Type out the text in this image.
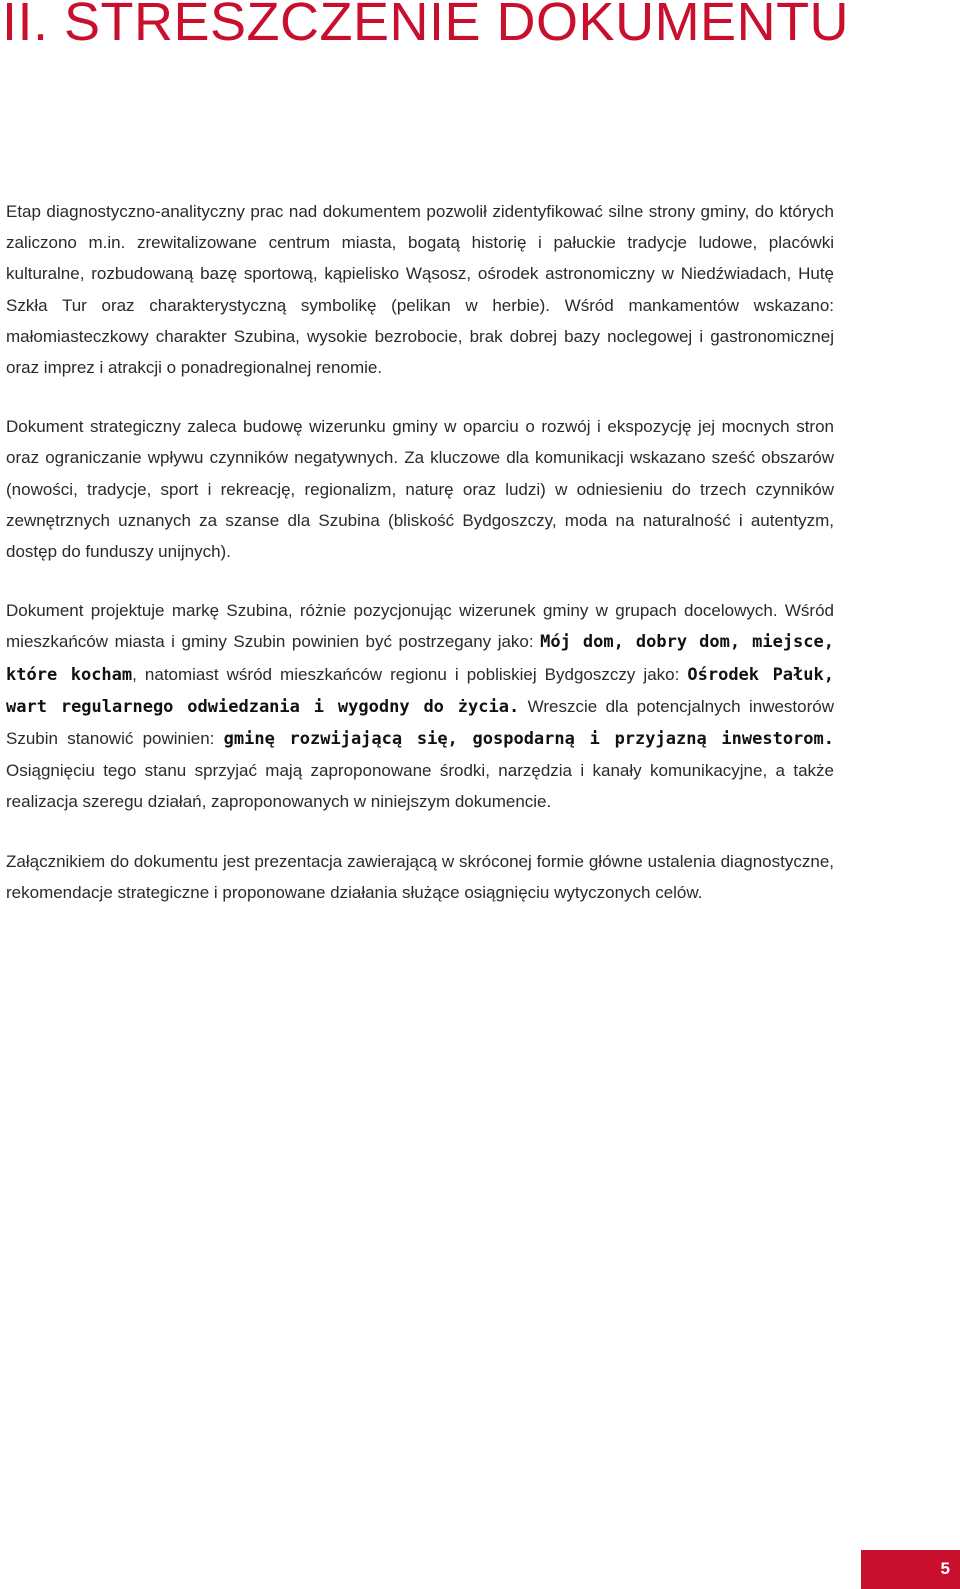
II. STRESZCZENIE DOKUMENTU

Etap diagnostyczno-analityczny prac nad dokumentem pozwolił zidentyfikować silne strony gminy, do których zaliczono m.in. zrewitalizowane centrum miasta, bogatą historię i pałuckie tradycje ludowe, placówki kulturalne, rozbudowaną bazę sportową, kąpielisko Wąsosz, ośrodek astronomiczny w Niedźwiadach, Hutę Szkła Tur oraz charakterystyczną symbolikę (pelikan w herbie). Wśród mankamentów wskazano: małomiasteczkowy charakter Szubina, wysokie bezrobocie, brak dobrej bazy noclegowej i gastronomicznej oraz imprez i atrakcji o ponadregionalnej renomie.

Dokument strategiczny zaleca budowę wizerunku gminy w oparciu o rozwój i ekspozycję jej mocnych stron oraz ograniczanie wpływu czynników negatywnych. Za kluczowe dla komunikacji wskazano sześć obszarów (nowości, tradycje, sport i rekreację, regionalizm, naturę oraz ludzi) w odniesieniu do trzech czynników zewnętrznych uznanych za szanse dla Szubina (bliskość Bydgoszczy, moda na naturalność i autentyzm, dostęp do funduszy unijnych).

Dokument projektuje markę Szubina, różnie pozycjonując wizerunek gminy w grupach docelowych. Wśród mieszkańców miasta i gminy Szubin powinien być postrzegany jako: Mój dom, dobry dom, miejsce, które kocham, natomiast wśród mieszkańców regionu i pobliskiej Bydgoszczy jako: Ośrodek Pałuk, wart regularnego odwiedzania i wygodny do życia. Wreszcie dla potencjalnych inwestorów Szubin stanowić powinien: gminę rozwijającą się, gospodarną i przyjazną inwestorom. Osiągnięciu tego stanu sprzyjać mają zaproponowane środki, narzędzia i kanały komunikacyjne, a także realizacja szeregu działań, zaproponowanych w niniejszym dokumencie.

Załącznikiem do dokumentu jest prezentacja zawierającą w skróconej formie główne ustalenia diagnostyczne, rekomendacje strategiczne i proponowane działania służące osiągnięciu wytyczonych celów.

5
